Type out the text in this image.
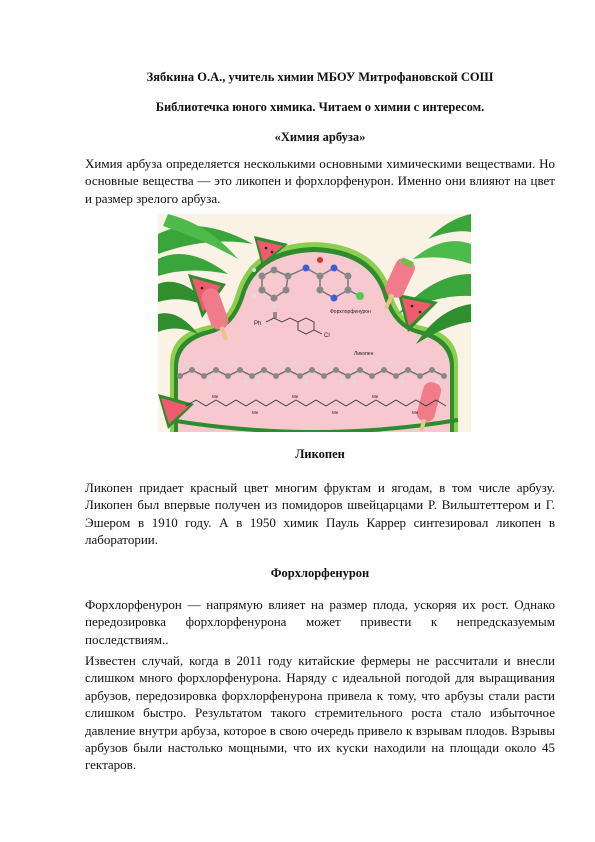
Зябкина О.А., учитель химии МБОУ Митрофановской СОШ
Библиотечка юного химика. Читаем о химии с интересом.
«Химия арбуза»

Химия арбуза определяется несколькими основными химическими веществами. Но основные вещества — это ликопен и форхлорфенурон. Именно они влияют на цвет и размер зрелого арбуза.

Ph
Cl
Форхлорфенурон
Ликопен
Me
Me
Me
Me
Me
Me
Ликопен

Ликопен придает красный цвет многим фруктам и ягодам, в том числе арбузу. Ликопен был впервые получен из помидоров швейцарцами Р. Вильштеттером и Г. Эшером в 1910 году. А в 1950 химик Пауль Каррер синтезировал ликопен в лаборатории.

Форхлорфенурон

Форхлорфенурон — напрямую влияет на размер плода, ускоряя их рост. Однако передозировка форхлорфенурона может привести к непредсказуемым последствиям..

Известен случай, когда в 2011 году китайские фермеры не рассчитали и внесли слишком много форхлорфенурона. Наряду с идеальной погодой для выращивания арбузов, передозировка форхлорфенурона привела к тому, что арбузы стали расти слишком быстро. Результатом такого стремительного роста стало избыточное давление внутри арбуза, которое в свою очередь привело к взрывам плодов. Взрывы арбузов были настолько мощными, что их куски находили на площади около 45 гектаров.
